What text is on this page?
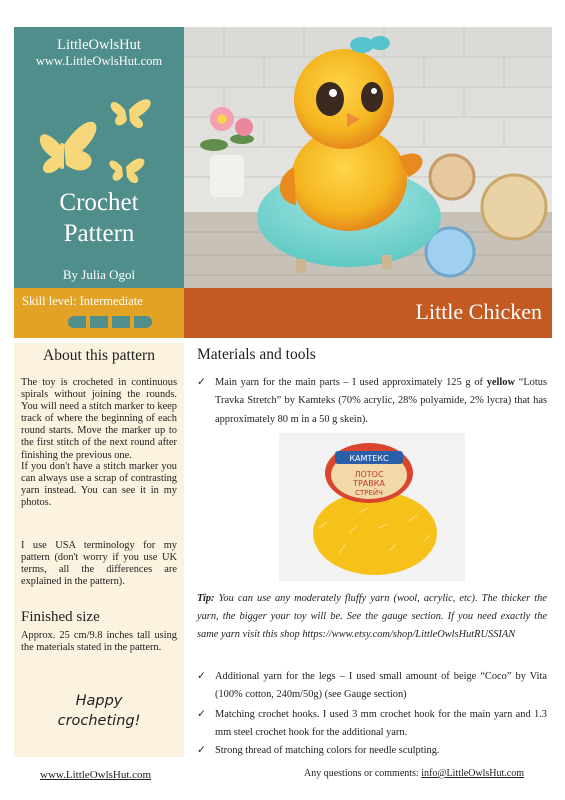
LittleOwlsHut
www.LittleOwlsHut.com
Crochet
Pattern
By Julia Ogol
Skill level: Intermediate	Little Chicken
About this pattern

The toy is crocheted in continuous spirals without joining the rounds. You will need a stitch marker to keep track of where the beginning of each round starts. Move the marker up to the first stitch of the next round after finishing the previous one.

If you don't have a stitch marker you can always use a scrap of contrasting yarn instead. You can see it in my photos.

I use USA terminology for my pattern (don't worry if you use UK terms, all the differences are explained in the pattern).

Finished size

Approx. 25 cm/9.8 inches tall using the materials stated in the pattern.

Happy
crocheting!
Materials and tools
✓ Main yarn for the main parts – I used approximately 125 g of yellow “Lotus Travka Stretch” by Kamteks (70% acrylic, 28% polyamide, 2% lycra) that has approximately 80 m in a 50 g skein).
КАМТЕКС
ЛОТОС
ТРАВКА
СТРЕЙЧ
Tip: You can use any moderately fluffy yarn (wool, acrylic, etc). The thicker the yarn, the bigger your toy will be. See the gauge section. If you need exactly the same yarn visit this shop https://www.etsy.com/shop/LittleOwlsHutRUSSIAN
✓ Additional yarn for the legs – I used small amount of beige “Coco” by Vita (100% cotton, 240m/50g) (see Gauge section)
✓ Matching crochet hooks. I used 3 mm crochet hook for the main yarn and 1.3 mm steel crochet hook for the additional yarn.
✓ Strong thread of matching colors for needle sculpting.
www.LittleOwlsHut.com	Any questions or comments: info@LittleOwlsHut.com
